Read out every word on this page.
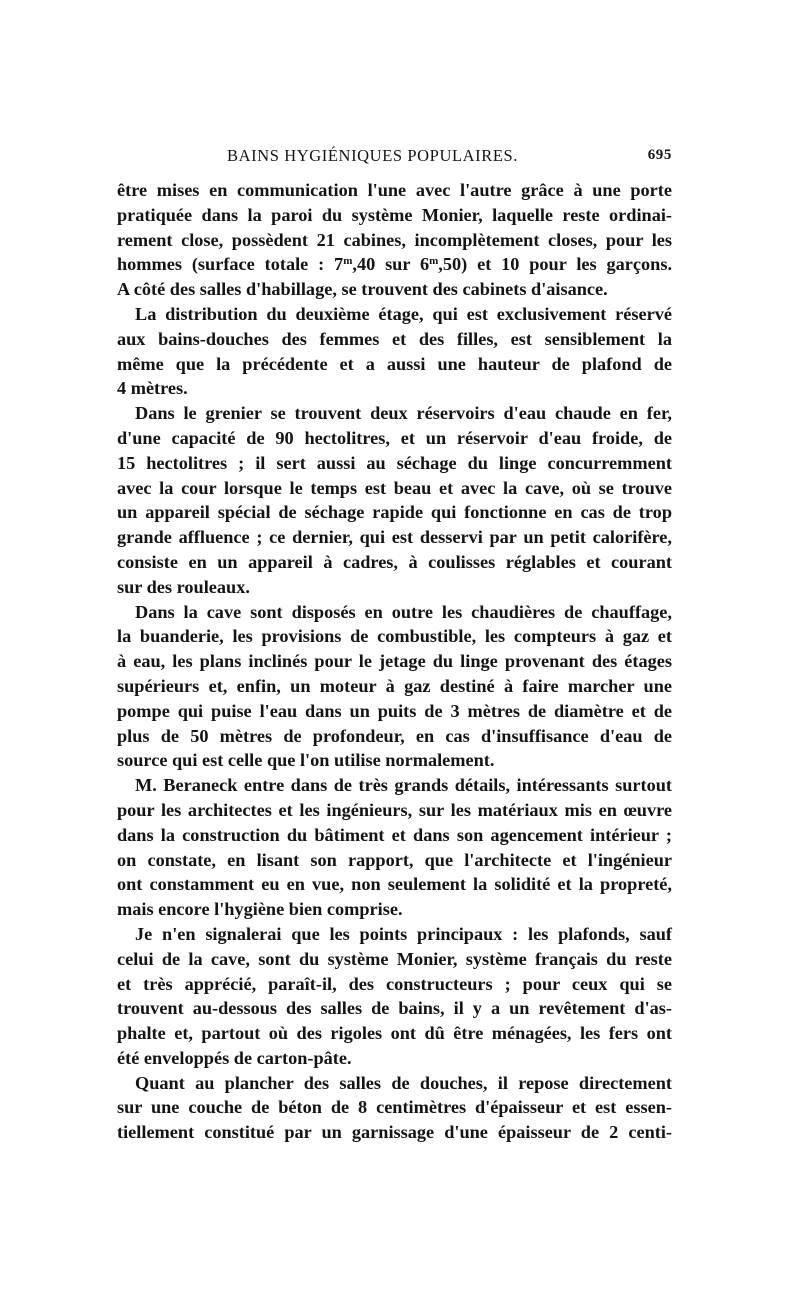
BAINS HYGIÉNIQUES POPULAIRES.	695
être mises en communication l'une avec l'autre grâce à une porte
pratiquée dans la paroi du système Monier, laquelle reste ordinai-
rement close, possèdent 21 cabines, incomplètement closes, pour les
hommes (surface totale : 7$^m$,40 sur 6$^m$,50) et 10 pour les garçons.
A côté des salles d'habillage, se trouvent des cabinets d'aisance.
La distribution du deuxième étage, qui est exclusivement réservé
aux bains-douches des femmes et des filles, est sensiblement la
même que la précédente et a aussi une hauteur de plafond de
4 mètres.
Dans le grenier se trouvent deux réservoirs d'eau chaude en fer,
d'une capacité de 90 hectolitres, et un réservoir d'eau froide, de
15 hectolitres ; il sert aussi au séchage du linge concurremment
avec la cour lorsque le temps est beau et avec la cave, où se trouve
un appareil spécial de séchage rapide qui fonctionne en cas de trop
grande affluence ; ce dernier, qui est desservi par un petit calorifère,
consiste en un appareil à cadres, à coulisses réglables et courant
sur des rouleaux.
Dans la cave sont disposés en outre les chaudières de chauffage,
la buanderie, les provisions de combustible, les compteurs à gaz et
à eau, les plans inclinés pour le jetage du linge provenant des étages
supérieurs et, enfin, un moteur à gaz destiné à faire marcher une
pompe qui puise l'eau dans un puits de 3 mètres de diamètre et de
plus de 50 mètres de profondeur, en cas d'insuffisance d'eau de
source qui est celle que l'on utilise normalement.
M. Beraneck entre dans de très grands détails, intéressants surtout
pour les architectes et les ingénieurs, sur les matériaux mis en œuvre
dans la construction du bâtiment et dans son agencement intérieur ;
on constate, en lisant son rapport, que l'architecte et l'ingénieur
ont constamment eu en vue, non seulement la solidité et la propreté,
mais encore l'hygiène bien comprise.
Je n'en signalerai que les points principaux : les plafonds, sauf
celui de la cave, sont du système Monier, système français du reste
et très apprécié, paraît-il, des constructeurs ; pour ceux qui se
trouvent au-dessous des salles de bains, il y a un revêtement d'as-
phalte et, partout où des rigoles ont dû être ménagées, les fers ont
été enveloppés de carton-pâte.
Quant au plancher des salles de douches, il repose directement
sur une couche de béton de 8 centimètres d'épaisseur et est essen-
tiellement constitué par un garnissage d'une épaisseur de 2 centi-
